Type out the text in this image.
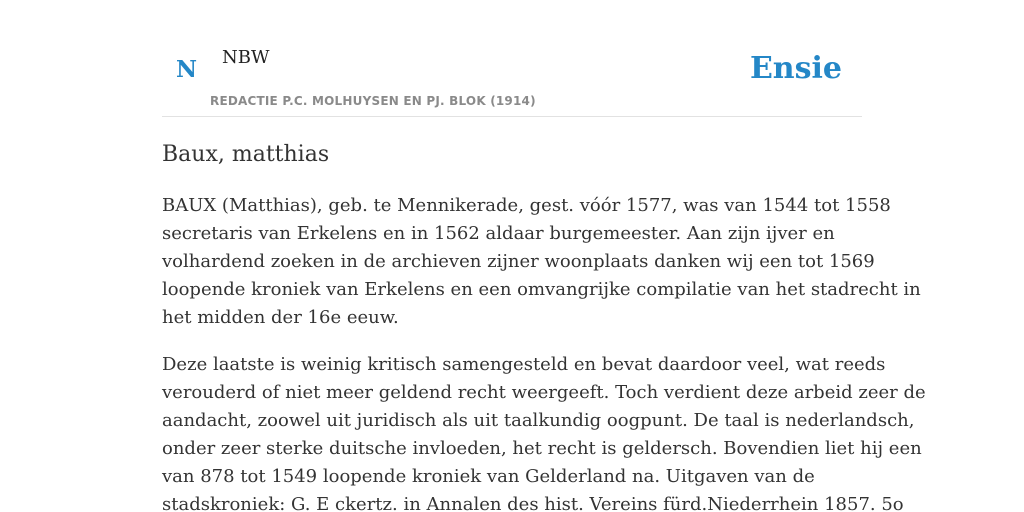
N NBW
REDACTIE P.C. MOLHUYSEN EN PJ. BLOK (1914)
Ensie
Baux, matthias

BAUX (Matthias), geb. te Mennikerade, gest. vóór 1577, was van 1544 tot 1558
secretaris van Erkelens en in 1562 aldaar burgemeester. Aan zijn ijver en
volhardend zoeken in de archieven zijner woonplaats danken wij een tot 1569
loopende kroniek van Erkelens en een omvangrijke compilatie van het stadrecht in
het midden der 16e eeuw.

Deze laatste is weinig kritisch samengesteld en bevat daardoor veel, wat reeds
verouderd of niet meer geldend recht weergeeft. Toch verdient deze arbeid zeer de
aandacht, zoowel uit juridisch als uit taalkundig oogpunt. De taal is nederlandsch,
onder zeer sterke duitsche invloeden, het recht is geldersch. Bovendien liet hij een
van 878 tot 1549 loopende kroniek van Gelderland na. Uitgaven van de
stadskroniek: G. E ckertz. in Annalen des hist. Vereins fürd.Niederrhein 1857. 5o
